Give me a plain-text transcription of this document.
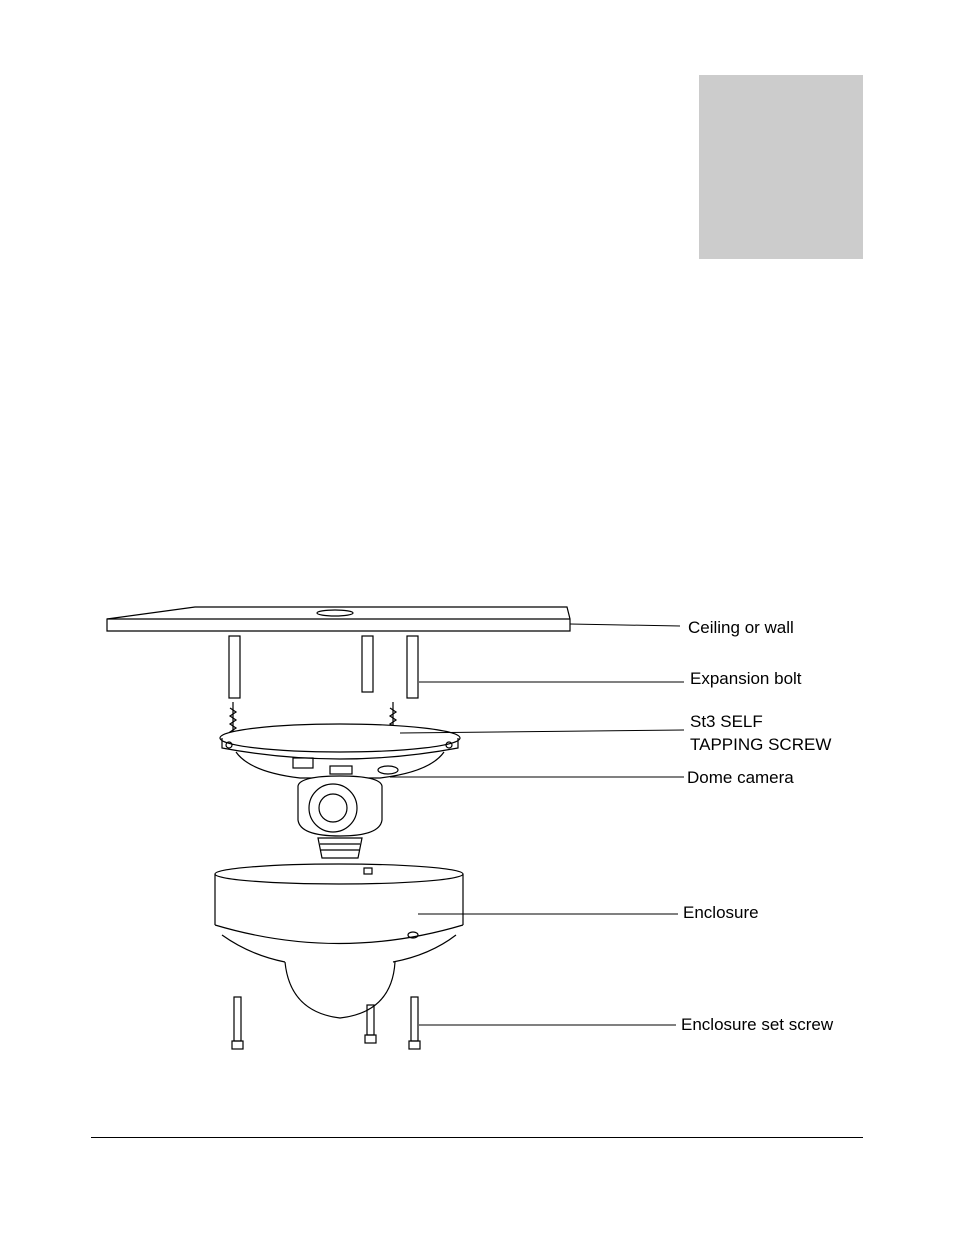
Ceiling or wall
Expansion bolt
St3 SELF
TAPPING SCREW
Dome camera
Enclosure
Enclosure set screw
